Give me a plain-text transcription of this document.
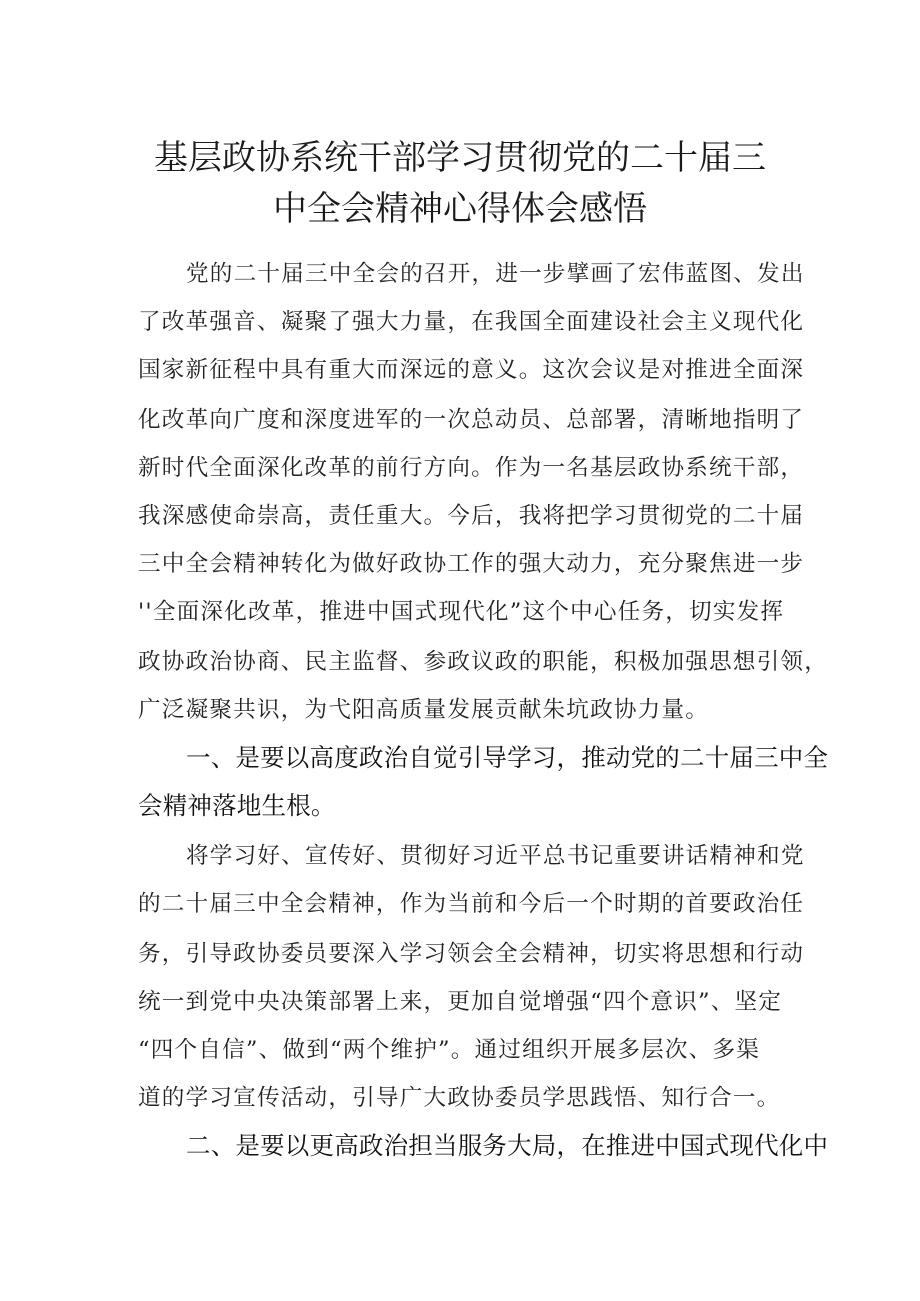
基层政协系统干部学习贯彻党的二十届三
中全会精神心得体会感悟
党的二十届三中全会的召开，进一步擘画了宏伟蓝图、发出
了改革强音、凝聚了强大力量，在我国全面建设社会主义现代化
国家新征程中具有重大而深远的意义。这次会议是对推进全面深
化改革向广度和深度进军的一次总动员、总部署，清晰地指明了
新时代全面深化改革的前行方向。作为一名基层政协系统干部，
我深感使命崇高，责任重大。今后，我将把学习贯彻党的二十届
三中全会精神转化为做好政协工作的强大动力，充分聚焦进一步
''全面深化改革，推进中国式现代化”这个中心任务，切实发挥
政协政治协商、民主监督、参政议政的职能，积极加强思想引领，
广泛凝聚共识，为弋阳高质量发展贡献朱坑政协力量。
一、是要以高度政治自觉引导学习，推动党的二十届三中全
会精神落地生根。
将学习好、宣传好、贯彻好习近平总书记重要讲话精神和党
的二十届三中全会精神，作为当前和今后一个时期的首要政治任
务，引导政协委员要深入学习领会全会精神，切实将思想和行动
统一到党中央决策部署上来，更加自觉增强“四个意识”、坚定
“四个自信”、做到“两个维护”。通过组织开展多层次、多渠
道的学习宣传活动，引导广大政协委员学思践悟、知行合一。
二、是要以更高政治担当服务大局，在推进中国式现代化中
